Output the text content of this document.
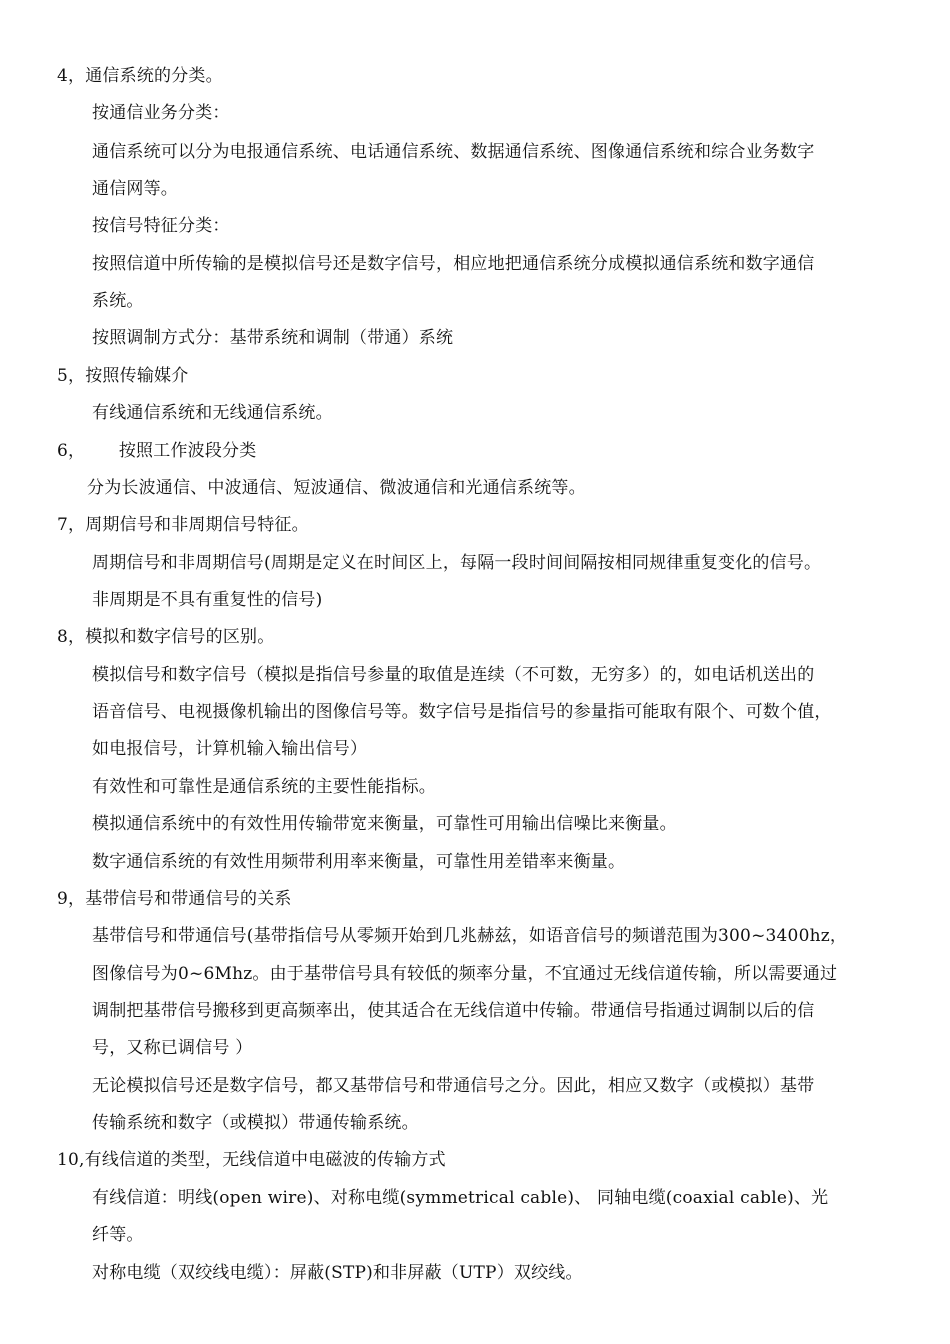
4，通信系统的分类。
按通信业务分类：
通信系统可以分为电报通信系统、电话通信系统、数据通信系统、图像通信系统和综合业务数字
通信网等。
按信号特征分类：
按照信道中所传输的是模拟信号还是数字信号，相应地把通信系统分成模拟通信系统和数字通信
系统。
按照调制方式分：基带系统和调制（带通）系统
5，按照传输媒介
有线通信系统和无线通信系统。
6，      按照工作波段分类
分为长波通信、中波通信、短波通信、微波通信和光通信系统等。
7，周期信号和非周期信号特征。
周期信号和非周期信号(周期是定义在时间区上，每隔一段时间间隔按相同规律重复变化的信号。
非周期是不具有重复性的信号)
8，模拟和数字信号的区别。
模拟信号和数字信号（模拟是指信号参量的取值是连续（不可数，无穷多）的，如电话机送出的
语音信号、电视摄像机输出的图像信号等。数字信号是指信号的参量指可能取有限个、可数个值，
如电报信号，计算机输入输出信号）
有效性和可靠性是通信系统的主要性能指标。
模拟通信系统中的有效性用传输带宽来衡量，可靠性可用输出信噪比来衡量。
数字通信系统的有效性用频带利用率来衡量，可靠性用差错率来衡量。
9，基带信号和带通信号的关系
基带信号和带通信号(基带指信号从零频开始到几兆赫兹，如语音信号的频谱范围为300~3400hz，
图像信号为0~6Mhz。由于基带信号具有较低的频率分量，不宜通过无线信道传输，所以需要通过
调制把基带信号搬移到更高频率出，使其适合在无线信道中传输。带通信号指通过调制以后的信
号，又称已调信号 ）
无论模拟信号还是数字信号，都又基带信号和带通信号之分。因此，相应又数字（或模拟）基带
传输系统和数字（或模拟）带通传输系统。
10,有线信道的类型，无线信道中电磁波的传输方式
有线信道：明线(open wire)、对称电缆(symmetrical cable)、 同轴电缆(coaxial cable)、光
纤等。
对称电缆（双绞线电缆）：屏蔽(STP)和非屏蔽（UTP）双绞线。
